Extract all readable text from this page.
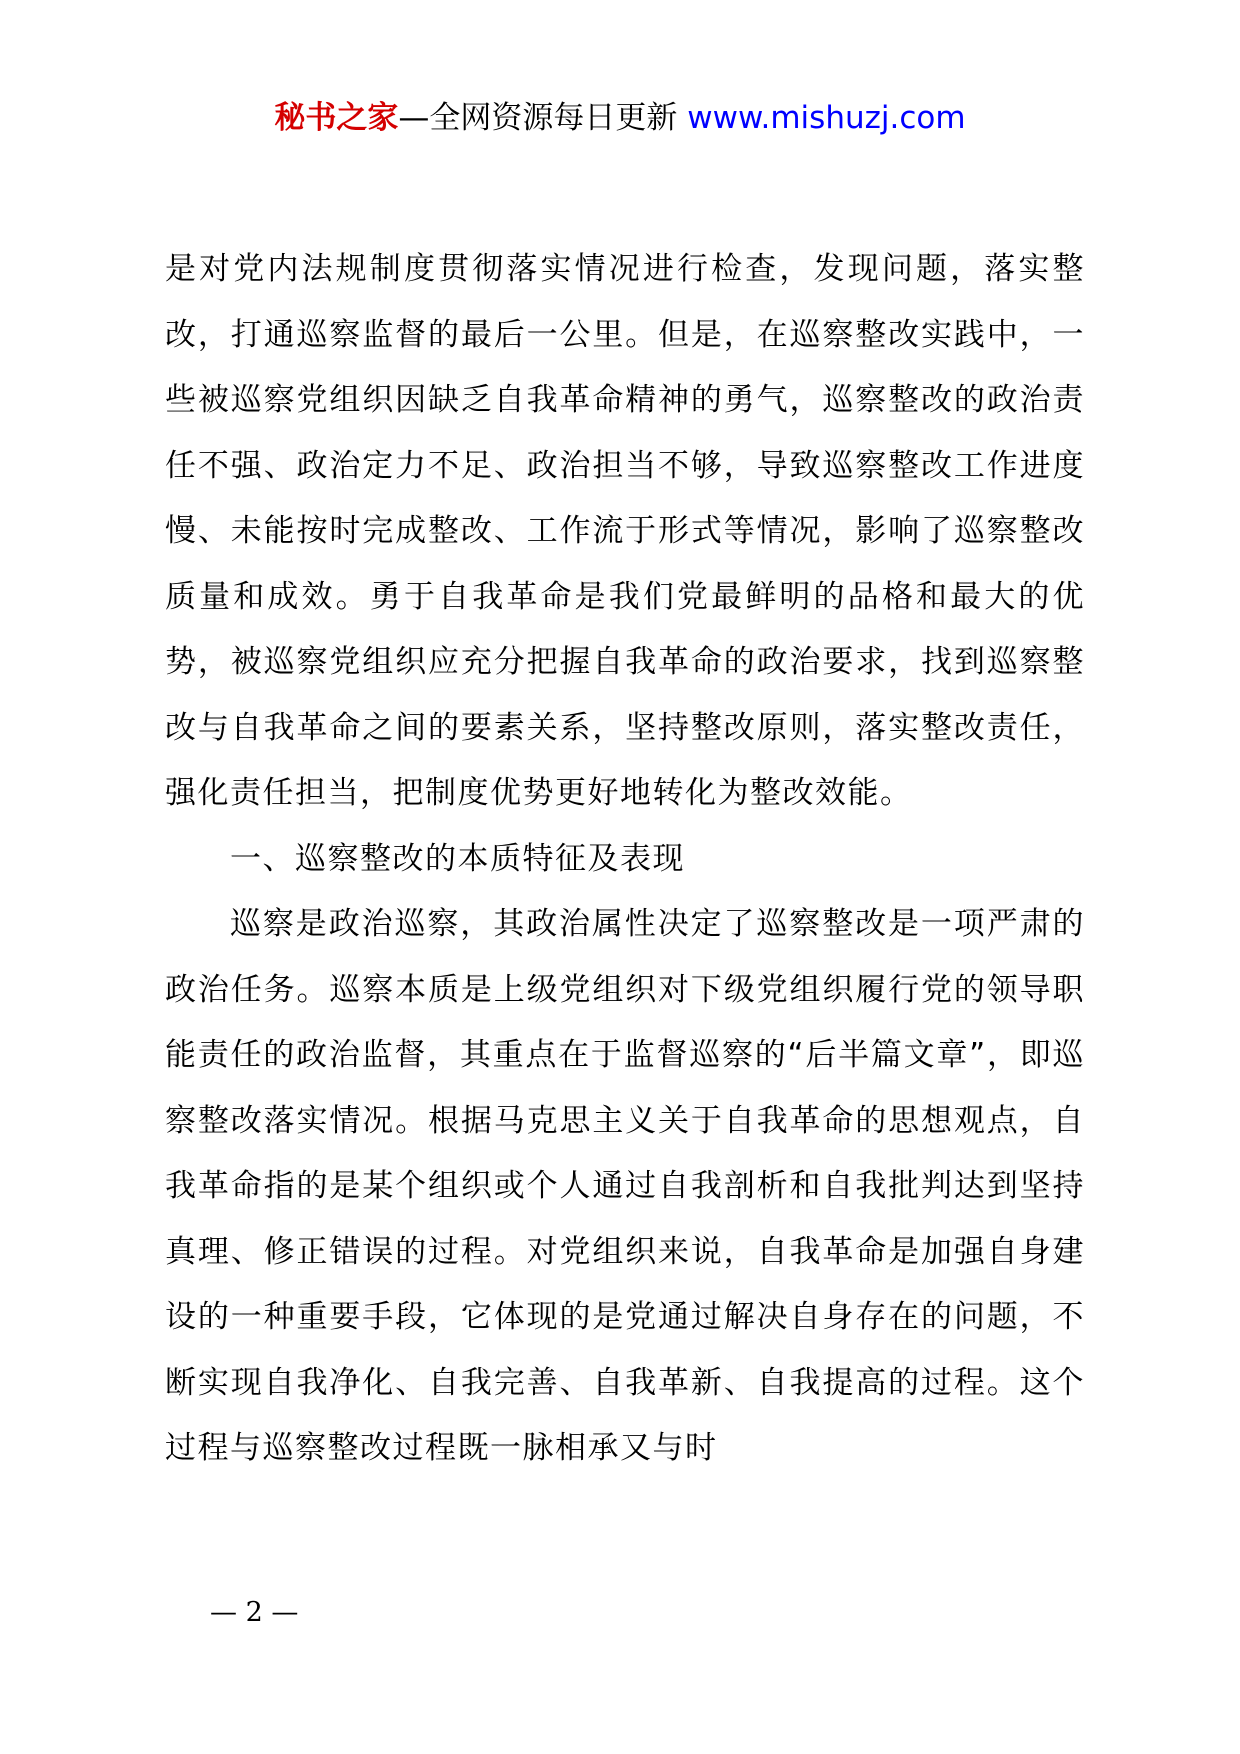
秘书之家—全网资源每日更新 www.mishuzj.com

是对党内法规制度贯彻落实情况进行检查，发现问题，落实整改，打通巡察监督的最后一公里。但是，在巡察整改实践中，一些被巡察党组织因缺乏自我革命精神的勇气，巡察整改的政治责任不强、政治定力不足、政治担当不够，导致巡察整改工作进度慢、未能按时完成整改、工作流于形式等情况，影响了巡察整改质量和成效。勇于自我革命是我们党最鲜明的品格和最大的优势，被巡察党组织应充分把握自我革命的政治要求，找到巡察整改与自我革命之间的要素关系，坚持整改原则，落实整改责任，强化责任担当，把制度优势更好地转化为整改效能。

一、巡察整改的本质特征及表现

巡察是政治巡察，其政治属性决定了巡察整改是一项严肃的政治任务。巡察本质是上级党组织对下级党组织履行党的领导职能责任的政治监督，其重点在于监督巡察的“后半篇文章”，即巡察整改落实情况。根据马克思主义关于自我革命的思想观点，自我革命指的是某个组织或个人通过自我剖析和自我批判达到坚持真理、修正错误的过程。对党组织来说，自我革命是加强自身建设的一种重要手段，它体现的是党通过解决自身存在的问题，不断实现自我净化、自我完善、自我革新、自我提高的过程。这个过程与巡察整改过程既一脉相承又与时

— 2 —
